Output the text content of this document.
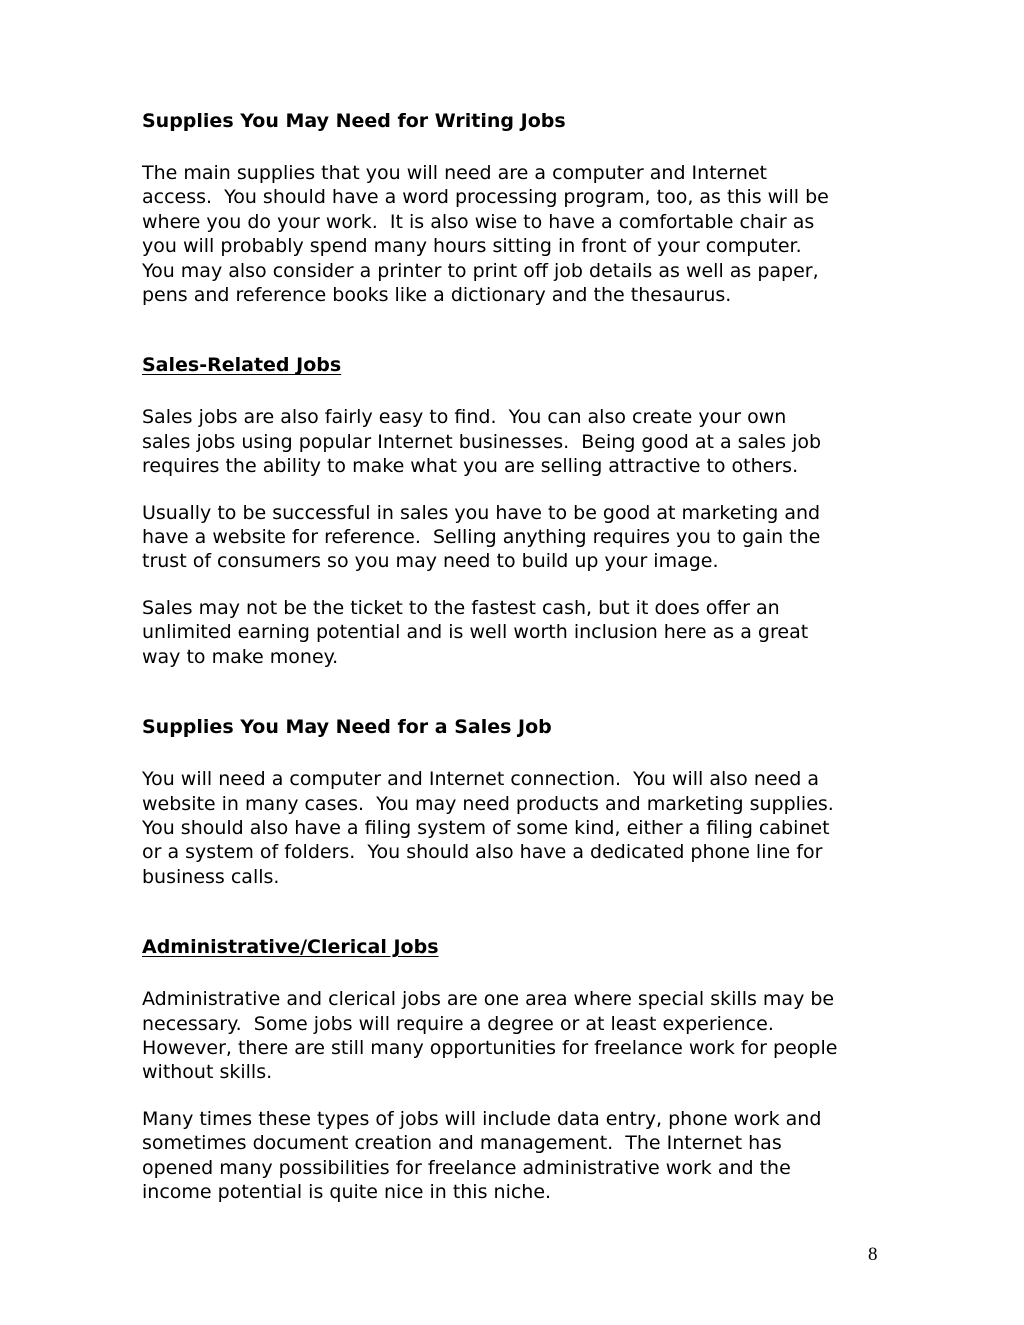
Supplies You May Need for Writing Jobs

The main supplies that you will need are a computer and Internet
access.  You should have a word processing program, too, as this will be
where you do your work.  It is also wise to have a comfortable chair as
you will probably spend many hours sitting in front of your computer.
You may also consider a printer to print off job details as well as paper,
pens and reference books like a dictionary and the thesaurus.

Sales-Related Jobs

Sales jobs are also fairly easy to find.  You can also create your own
sales jobs using popular Internet businesses.  Being good at a sales job
requires the ability to make what you are selling attractive to others.

Usually to be successful in sales you have to be good at marketing and
have a website for reference.  Selling anything requires you to gain the
trust of consumers so you may need to build up your image.

Sales may not be the ticket to the fastest cash, but it does offer an
unlimited earning potential and is well worth inclusion here as a great
way to make money.

Supplies You May Need for a Sales Job

You will need a computer and Internet connection.  You will also need a
website in many cases.  You may need products and marketing supplies.
You should also have a filing system of some kind, either a filing cabinet
or a system of folders.  You should also have a dedicated phone line for
business calls.

Administrative/Clerical Jobs

Administrative and clerical jobs are one area where special skills may be
necessary.  Some jobs will require a degree or at least experience.
However, there are still many opportunities for freelance work for people
without skills.

Many times these types of jobs will include data entry, phone work and
sometimes document creation and management.  The Internet has
opened many possibilities for freelance administrative work and the
income potential is quite nice in this niche.

8
